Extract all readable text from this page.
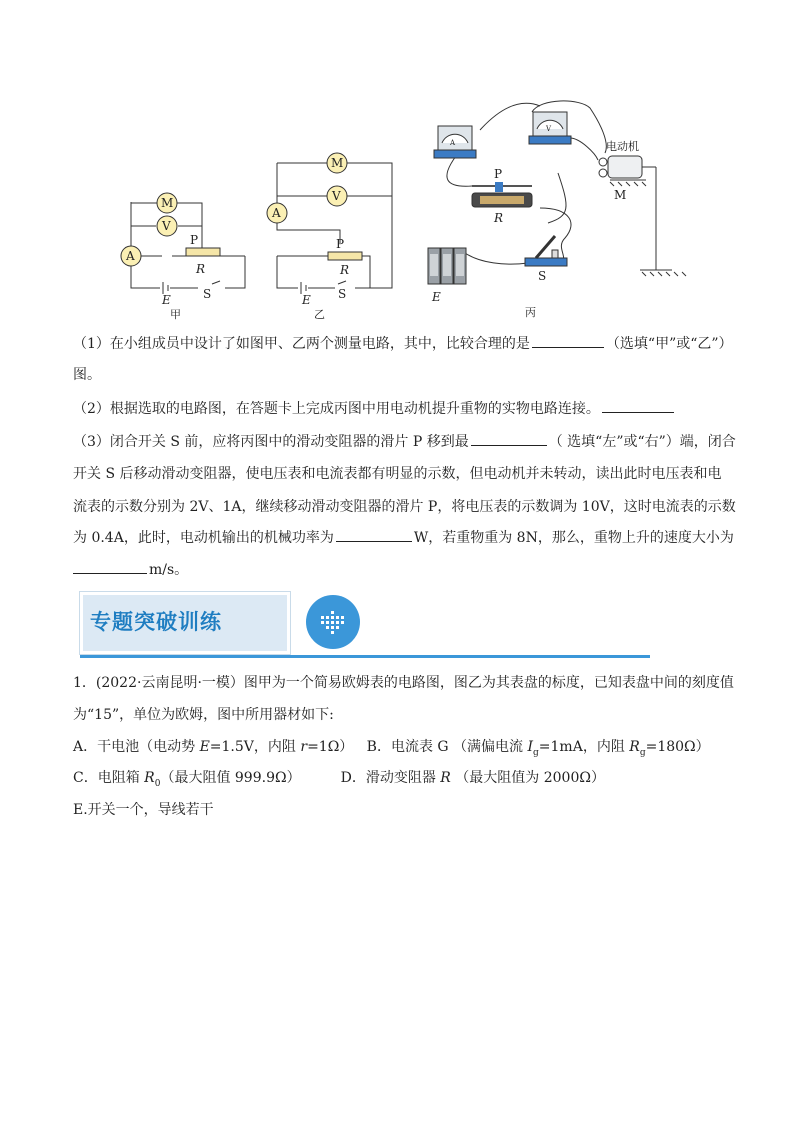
M
V
A
P
R
E	S
甲
M
V
A
P
R
E S
乙
A
V
P
R
E
S
电动机
M
丙
（1）在小组成员中设计了如图甲、乙两个测量电路，其中，比较合理的是	（选填“甲”或“乙”）
图。
（2）根据选取的电路图，在答题卡上完成丙图中用电动机提升重物的实物电路连接。
（3）闭合开关 S 前，应将丙图中的滑动变阻器的滑片 P 移到最	（ 选填“左”或“右”）端，闭合
开关 S 后移动滑动变阻器，使电压表和电流表都有明显的示数，但电动机并未转动，读出此时电压表和电
流表的示数分别为 2V、1A，继续移动滑动变阻器的滑片 P，将电压表的示数调为 10V，这时电流表的示数
为 0.4A，此时，电动机输出的机械功率为	W，若重物重为 8N，那么，重物上升的速度大小为
m/s。
专题突破训练
1．(2022·云南昆明·一模）图甲为一个简易欧姆表的电路图，图乙为其表盘的标度，已知表盘中间的刻度值
为“15”，单位为欧姆，图中所用器材如下:
A．干电池（电动势 E=1.5V，内阻 r=1Ω） B．电流表 G （满偏电流 $I_g=1mA$，内阻 $R_g=180\Omega$）
C．电阻箱 $R_0$（最大阻值 999.9Ω）	D．滑动变阻器 R （最大阻值为 2000Ω）
E.开关一个，导线若干
